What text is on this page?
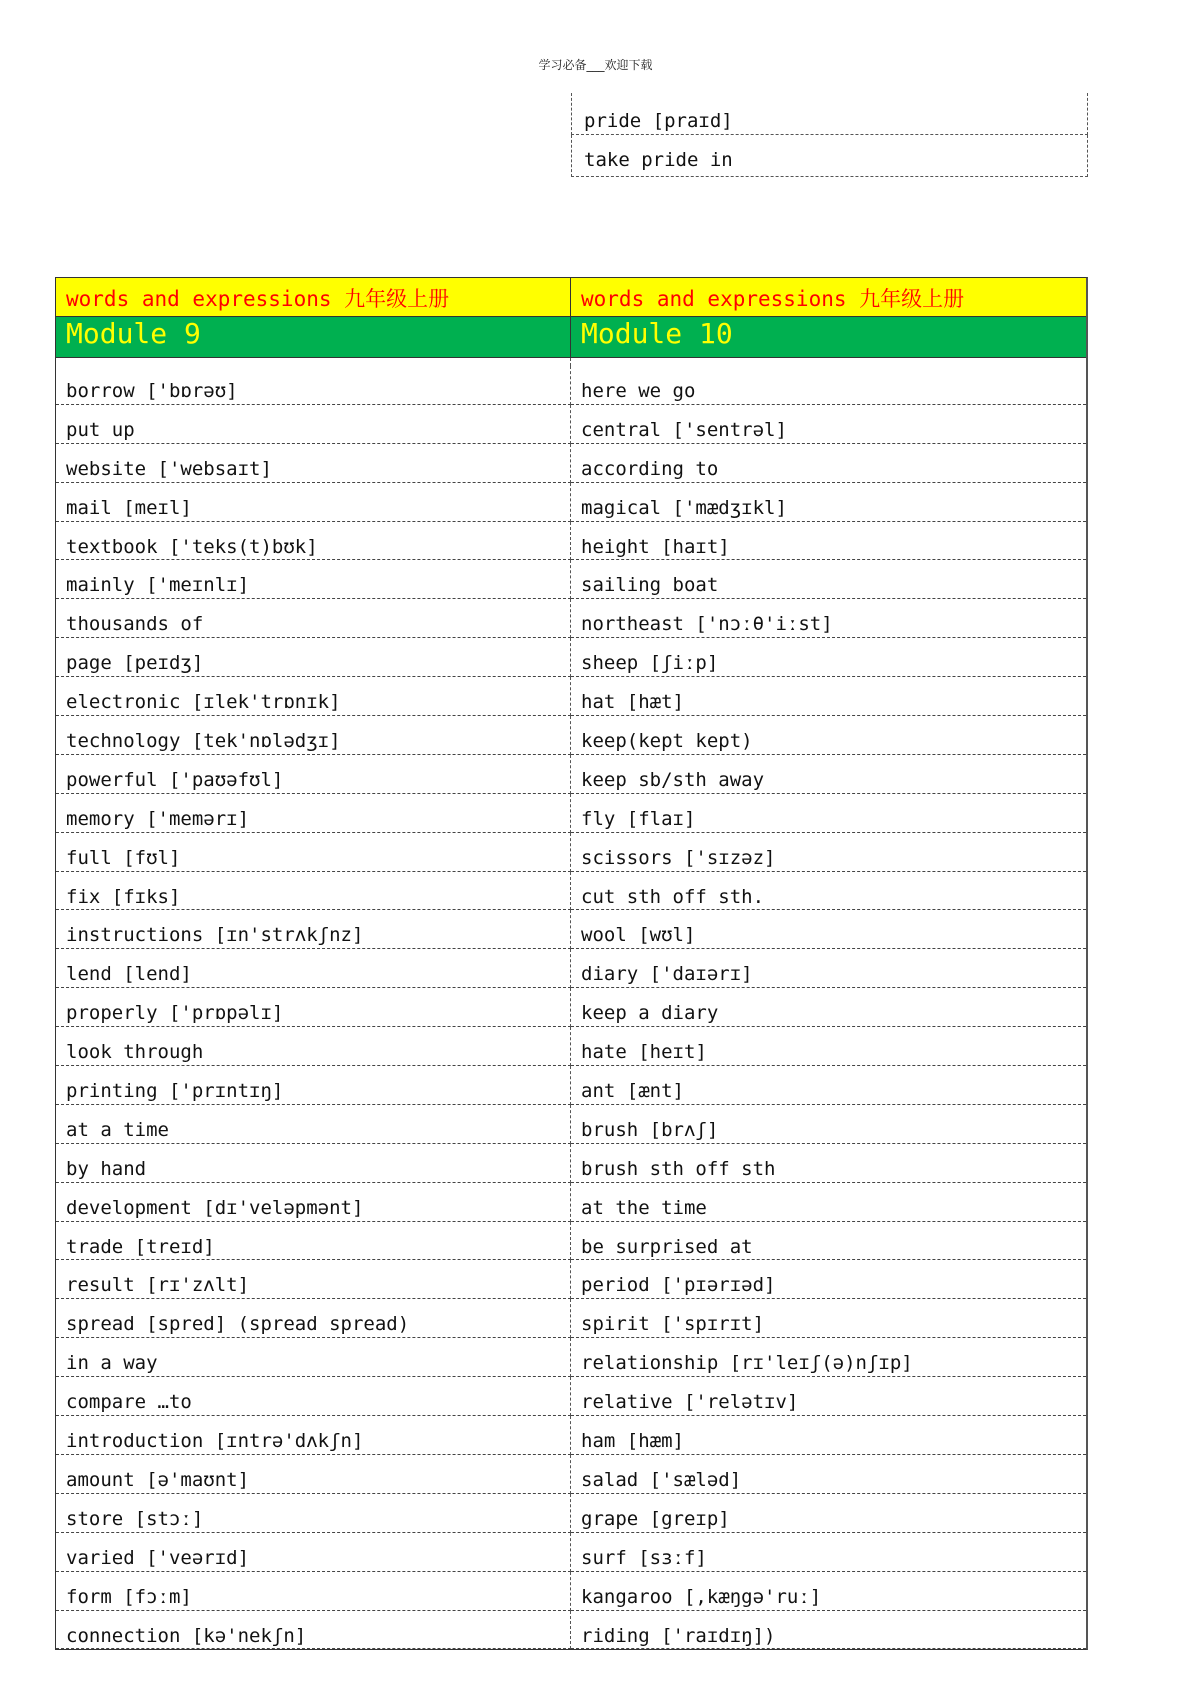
学习必备___欢迎下载
pride [praɪd]
take pride in
words and expressions 九年级上册	words and expressions 九年级上册
Module 9	Module 10
borrow ['bɒrəʊ]	here we go
put up	central ['sentrəl]
website ['websaɪt]	according to
mail [meɪl]	magical ['mædʒɪkl]
textbook ['teks(t)bʊk]	height [haɪt]
mainly ['meɪnlɪ]	sailing boat
thousands of	northeast ['nɔːθ'iːst]
page [peɪdʒ]	sheep [ʃiːp]
electronic [ɪlek'trɒnɪk]	hat [hæt]
technology [tek'nɒlədʒɪ]	keep(kept kept)
powerful ['paʊəfʊl]	keep sb/sth away
memory ['memərɪ]	fly [flaɪ]
full [fʊl]	scissors ['sɪzəz]
fix [fɪks]	cut sth off sth.
instructions [ɪn'strʌkʃnz]	wool [wʊl]
lend [lend]	diary ['daɪərɪ]
properly ['prɒpəlɪ]	keep a diary
look through	hate [heɪt]
printing ['prɪntɪŋ]	ant [ænt]
at a time	brush [brʌʃ]
by hand	brush sth off sth
development [dɪ'veləpmənt]	at the time
trade [treɪd]	be surprised at
result [rɪ'zʌlt]	period ['pɪərɪəd]
spread [spred] (spread spread)	spirit ['spɪrɪt]
in a way	relationship [rɪ'leɪʃ(ə)nʃɪp]
compare …to	relative ['relətɪv]
introduction [ɪntrə'dʌkʃn]	ham [hæm]
amount [ə'maʊnt]	salad ['sæləd]
store [stɔː]	grape [greɪp]
varied ['veərɪd]	surf [sɜːf]
form [fɔːm]	kangaroo [,kæŋgə'ruː]
connection [kə'nekʃn]	riding ['raɪdɪŋ])
